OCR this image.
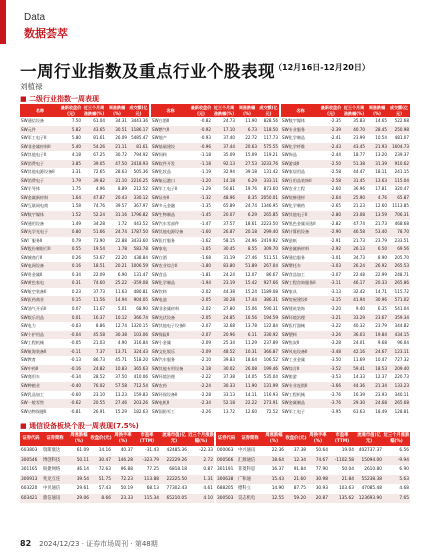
Data
数据荟萃
一周行业指数及重点行业个股表现 （12月16日-12月20日）
刘植禄
■ 二级行业指数一周表现
名称	最新收盘价(元)	近三个月周涨跌幅(%)	周涨跌幅(%)	成交额(亿元)	名称	最新收盘价(元)	近三个月周涨跌幅(%)	周涨跌幅(%)	成交额(亿元)	名称	最新收盘价(元)	近三个月周涨跌幅(%)	周涨跌幅(%)	成交额(亿元)
SW通信设备	7.50	61.04	34.31	3443.36	SW白酒II	-0.82	24.73	11.90	828.56	SW数字媒体	-2.35	35.83	14.65	522.68
SW元件	5.82	43.65	30.51	1186.17	SW燃气II	-0.92	17.10	6.73	118.50	SW专业服务	-2.39	40.70	28.45	250.98
SW军工电子II	5.80	81.61	26.09	5485.47	SW地产	-0.93	37.40	22.72	117.73	SW化学制品	-2.41	23.99	10.54	481.07
SW非金属材料II	5.40	54.26	21.11	81.61	SW基础建设	-0.96	37.44	20.63	575.55	SW化学纤维	-2.43	43.45	21.93	1604.73
SW其他电子II	4.18	67.25	30.72	794.92	SW饲料	-1.18	35.09	15.09	119.21	SW饰品	-2.44	18.77	13.20	239.37
SW消费电子	3.85	39.05	47.50	2418.93	SW软件开发	-1.18	92.13	27.53	3233.76	SW游戏II	-2.50	51.38	31.39	910.62
SW其他电源设备II	3.31	72.65	28.63	505.36	SW化妆品	-1.19	32.94	39.18	131.42	SW家居用品	-2.58	44.47	18.11	241.15
SW消费电子	1.79	39.82	31.10	2216.25	SW航运港口	-1.20	14.18	6.29	333.11	SW日用品装饰II	-2.58	31.45	13.63	115.04
SW半导体	1.75	4.96	8.89	212.52	SW军工电子II	-1.29	50.81	19.76	873.60	SW农业工程	-2.60	36.96	17.81	320.47
SW金属新材料	1.64	47.87	20.43	330.12	SW证券II	-1.32	48.96	8.35	2050.01	SW装修建材	-2.64	25.90	4.76	65.87
SW互联网电商	1.58	74.76	39.57	367.97	SW多元金融	-1.35	65.89	24.74	1346.95	SW化学制药	-2.65	21.23	12.60	1113.85
SW数字媒体	1.52	52.24	31.16	1796.82	SW生物制品	-1.45	20.07	6.29	265.85	SW其他电子II	-2.80	23.08	13.59	706.31
SW通用设备	1.49	34.28	1.72	443.52	SW汽车零部件	-1.47	37.57	18.61	2223.50	SW黑色金属采选II	-2.82	47.74	21.73	468.68
SW光学光电子	0.80	51.66	24.74	1787.50	SW其他电源设备	-1.60	26.87	20.18	299.40	SW计算机设备	-2.90	46.58	53.40	78.70
SW厂服务II	0.79	73.90	22.88	3433.60	SW医疗服务	-1.62	58.15	24.96	2419.92	SW造纸	-2.91	21.73	23.79	233.51
SW股份制银行II	0.55	19.54	1.78	583.78	SW家电	-1.65	30.45	8.55	309.70	SW金属新材料	-2.92	26.13	6.50	69.56
SW城商行II	0.26	53.67	22.20	438.84	SW白酒	-1.68	31.19	27.46	511.51	SW通信服务	-3.01	34.73	8.90	205.70
SW电网设备	0.16	18.51	20.21	1006.59	SW农业综合II	-1.80	83.80	51.89	267.04	SW摩托车	-3.03	26.24	26.92	265.53
SW贵金属II	0.34	22.09	6.90	131.47	SW食品	-1.81	24.24	12.07	86.67	SW食品加工	-3.07	22.48	22.99	248.71
SW黄色家电	0.31	74.60	25.22	-359.08	SW化学制品	-1.94	23.19	15.42	927.66	SW工程咨询服务II	-3.11	46.17	20.33	265.86
SW航空装备II	0.23	37.73	11.63	480.81	SW饮料	-2.02	44.38	15.24	1189.08	SW家具	-3.13	32.42	14.71	115.72
SW医药商业	0.15	11.56	14.94	904.05	SW电池	-2.05	30.28	17.44	386.31	SW房屋建设II	-3.15	41.94	30.96	571.02
SW油气开采II	0.07	11.67	5.01	68.90	SW非金属材料	-2.02	27.80	15.06	590.31	SW建筑装饰	-3.20	9.40	6.35	541.04
SW娱乐用品	0.01	16.37	10.12	366.74	SW光伏设备	-2.05	24.85	16.56	194.59	SW环境治理	-3.21	33.29	23.67	359.34
SW电力	-0.03	8.86	12.74	1320.15	SW其他电子设备II	-2.07	32.68	13.78	122.84	SW医疗器械	-3.22	40.32	23.79	344.82
SW个护用品	-0.04	45.58	30.38	103.06	SW保险II	-2.07	20.96	6.11	330.92	SW塑料	-3.26	36.03	19.84	434.15
SW工程机械	-0.05	21.03	4.90	316.84	SW小金属	-2.09	25.34	11.29	237.89	SW焦炭II	-3.28	24.01	9.68	96.04
SW航海装备II	-0.11	7.37	13.71	324.43	SW文化娱乐	-2.09	48.52	10.31	366.87	SW风电设备II	-3.48	42.16	24.67	123.11
SW教育	-0.13	86.73	45.71	518.20	SW汽车服务	-2.10	39.83	18.64	106.52	SW工业金属	-3.50	11.69	10.47	727.32
SW中药II	-0.16	24.82	10.83	365.63	SW其他专用设备	-2.18	30.02	26.08	199.46	SW综合II	-3.52	59.41	18.53	209.40
SW商用车	-0.34	28.52	37.50	410.06	SW环境治理	-2.22	37.38	14.05	535.04	SW旅游	-3.53	14.33	12.37	220.73
SW种植业	-0.40	76.02	57.58	712.54	SW农药	-2.24	30.33	11.90	131.99	SW专业连锁II	-3.66	44.36	21.34	133.23
SW乳品加工	-0.60	23.10	13.23	159.83	SW环保设备II	-2.28	33.13	14.11	116.93	SW工程机械	-3.76	16.39	23.93	340.11
SW一般零售	-0.62	20.55	27.46	203.26	SW电机II	-2.34	52.18	22.22	273.91	SW金属制品	-3.76	29.30	24.68	265.68
SW动物保健II	-0.81	26.91	15.29	182.63	SW国防军工	-2.26	13.72	12.60	72.52	SW军工电子	-3.95	63.63	18.49	128.81
■ 通信设备板块个股一周表现(7.5%)
证券代码	证券简称	周涨跌幅(%)	收盘价(元)	周换手率(%)	市盈率(TTM)	流通市值(亿元)	近三个月涨跌幅(%)	证券代码	证券简称	周涨跌幅(%)	收盘价(元)	周换手率(%)	市盈率(TTM)	流通市值(亿元)	近三个月涨跌幅(%)
603803	瑞斯康达	61.09	14.16	40.37	-31.43	42485.36	-22.33	000063	中兴通讯	22.36	37.38	50.64	19.04	402737.37	6.56
300546	博创科技	50.11	30.47	146.28	-323.79	22229.26	2.72	000566	汇源通信	18.64	12.34	74.67	-1102.58	15094.00	-9.94
301165	锐捷网络	46.14	72.63	96.88	77.25	6818.18	0.87	301191	菲菱科思	16.37	91.84	77.90	50.04	2610.80	6.90
300913	兆龙互连	39.54	51.75	72.23	113.88	22225.50	1.31	300638	广和通	15.43	21.60	30.98	21.84	55238.38	5.63
603220	中贝通信	29.61	57.43	50.19	68.13	77302.43	4.61	688205	德科立	14.90	87.75	30.93	103.63	47085.48	4.68
603421	鼎信通讯	29.06	8.66	23.33	115.34	65210.05	4.10	300503	昊志机电	12.55	59.20	20.87	135.62	123693.90	7.65
82 2024/12/23 · 证券市场周刊 · 第48期
